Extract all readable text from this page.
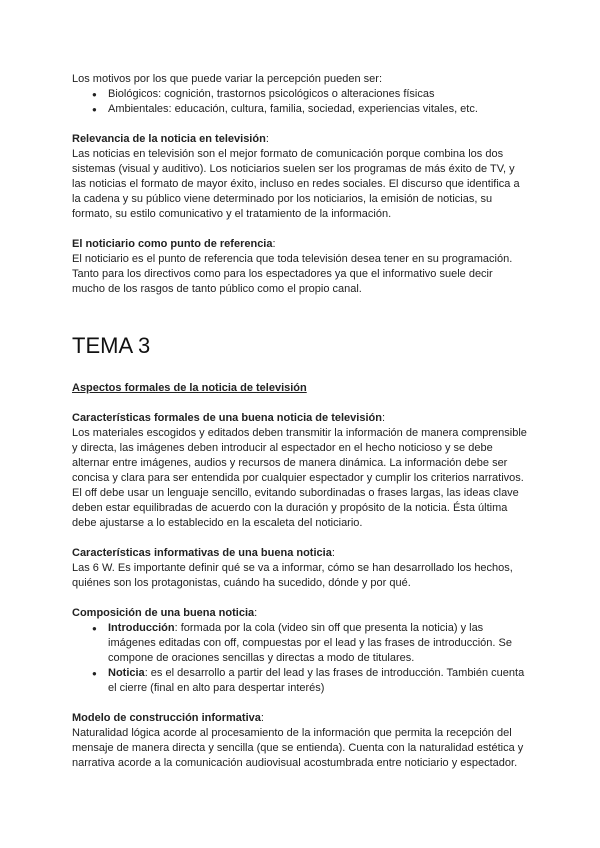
Los motivos por los que puede variar la percepción pueden ser:

● Biológicos: cognición, trastornos psicológicos o alteraciones físicas
● Ambientales: educación, cultura, familia, sociedad, experiencias vitales, etc.

Relevancia de la noticia en televisión:

Las noticias en televisión son el mejor formato de comunicación porque combina los dos sistemas (visual y auditivo). Los noticiarios suelen ser los programas de más éxito de TV, y las noticias el formato de mayor éxito, incluso en redes sociales. El discurso que identifica a la cadena y su público viene determinado por los noticiarios, la emisión de noticias, su formato, su estilo comunicativo y el tratamiento de la información.

El noticiario como punto de referencia:

El noticiario es el punto de referencia que toda televisión desea tener en su programación. Tanto para los directivos como para los espectadores ya que el informativo suele decir mucho de los rasgos de tanto público como el propio canal.

TEMA 3

Aspectos formales de la noticia de televisión

Características formales de una buena noticia de televisión:

Los materiales escogidos y editados deben transmitir la información de manera comprensible y directa, las imágenes deben introducir al espectador en el hecho noticioso y se debe alternar entre imágenes, audios y recursos de manera dinámica. La información debe ser concisa y clara para ser entendida por cualquier espectador y cumplir los criterios narrativos. El off debe usar un lenguaje sencillo, evitando subordinadas o frases largas, las ideas clave deben estar equilibradas de acuerdo con la duración y propósito de la noticia. Ésta última debe ajustarse a lo establecido en la escaleta del noticiario.

Características informativas de una buena noticia:

Las 6 W. Es importante definir qué se va a informar, cómo se han desarrollado los hechos, quiénes son los protagonistas, cuándo ha sucedido, dónde y por qué.

Composición de una buena noticia:

● Introducción: formada por la cola (video sin off que presenta la noticia) y las imágenes editadas con off, compuestas por el lead y las frases de introducción. Se compone de oraciones sencillas y directas a modo de titulares.
● Noticia: es el desarrollo a partir del lead y las frases de introducción. También cuenta el cierre (final en alto para despertar interés)

Modelo de construcción informativa:

Naturalidad lógica acorde al procesamiento de la información que permita la recepción del mensaje de manera directa y sencilla (que se entienda). Cuenta con la naturalidad estética y narrativa acorde a la comunicación audiovisual acostumbrada entre noticiario y espectador.
